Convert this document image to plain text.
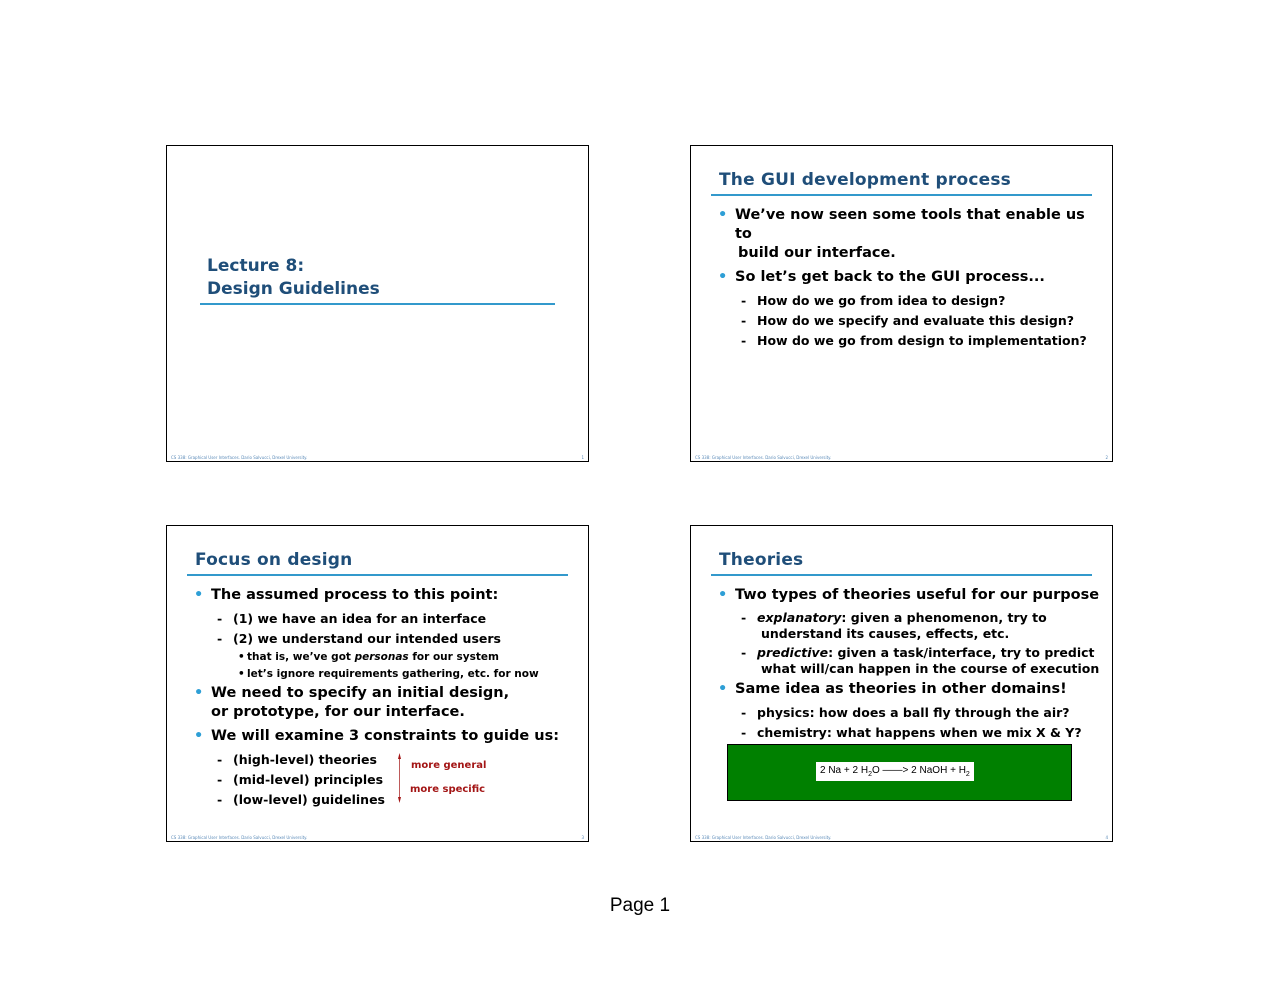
Lecture 8:
Design Guidelines
CS 338: Graphical User Interfaces. Dario Salvucci, Drexel University.	1
The GUI development process
• We’ve now seen some tools that enable us to
build our interface.
• So let’s get back to the GUI process...
- How do we go from idea to design?
- How do we specify and evaluate this design?
- How do we go from design to implementation?
CS 338: Graphical User Interfaces. Dario Salvucci, Drexel University.	2
Focus on design
• The assumed process to this point:
- (1) we have an idea for an interface
- (2) we understand our intended users
• that is, we’ve got personas for our system
• let’s ignore requirements gathering, etc. for now
• We need to specify an initial design,
or prototype, for our interface.
• We will examine 3 constraints to guide us:
- (high-level) theories
- (mid-level) principles
- (low-level) guidelines
more general
more specific
CS 338: Graphical User Interfaces. Dario Salvucci, Drexel University.	3
Theories
• Two types of theories useful for our purpose
- explanatory: given a phenomenon, try to
understand its causes, effects, etc.
- predictive: given a task/interface, try to predict
what will/can happen in the course of execution
• Same idea as theories in other domains!
- physics: how does a ball fly through the air?
- chemistry: what happens when we mix X & Y?
2 Na + 2 $H_2O$ ——> 2 NaOH + $H_2$
CS 338: Graphical User Interfaces. Dario Salvucci, Drexel University.	4
Page 1
